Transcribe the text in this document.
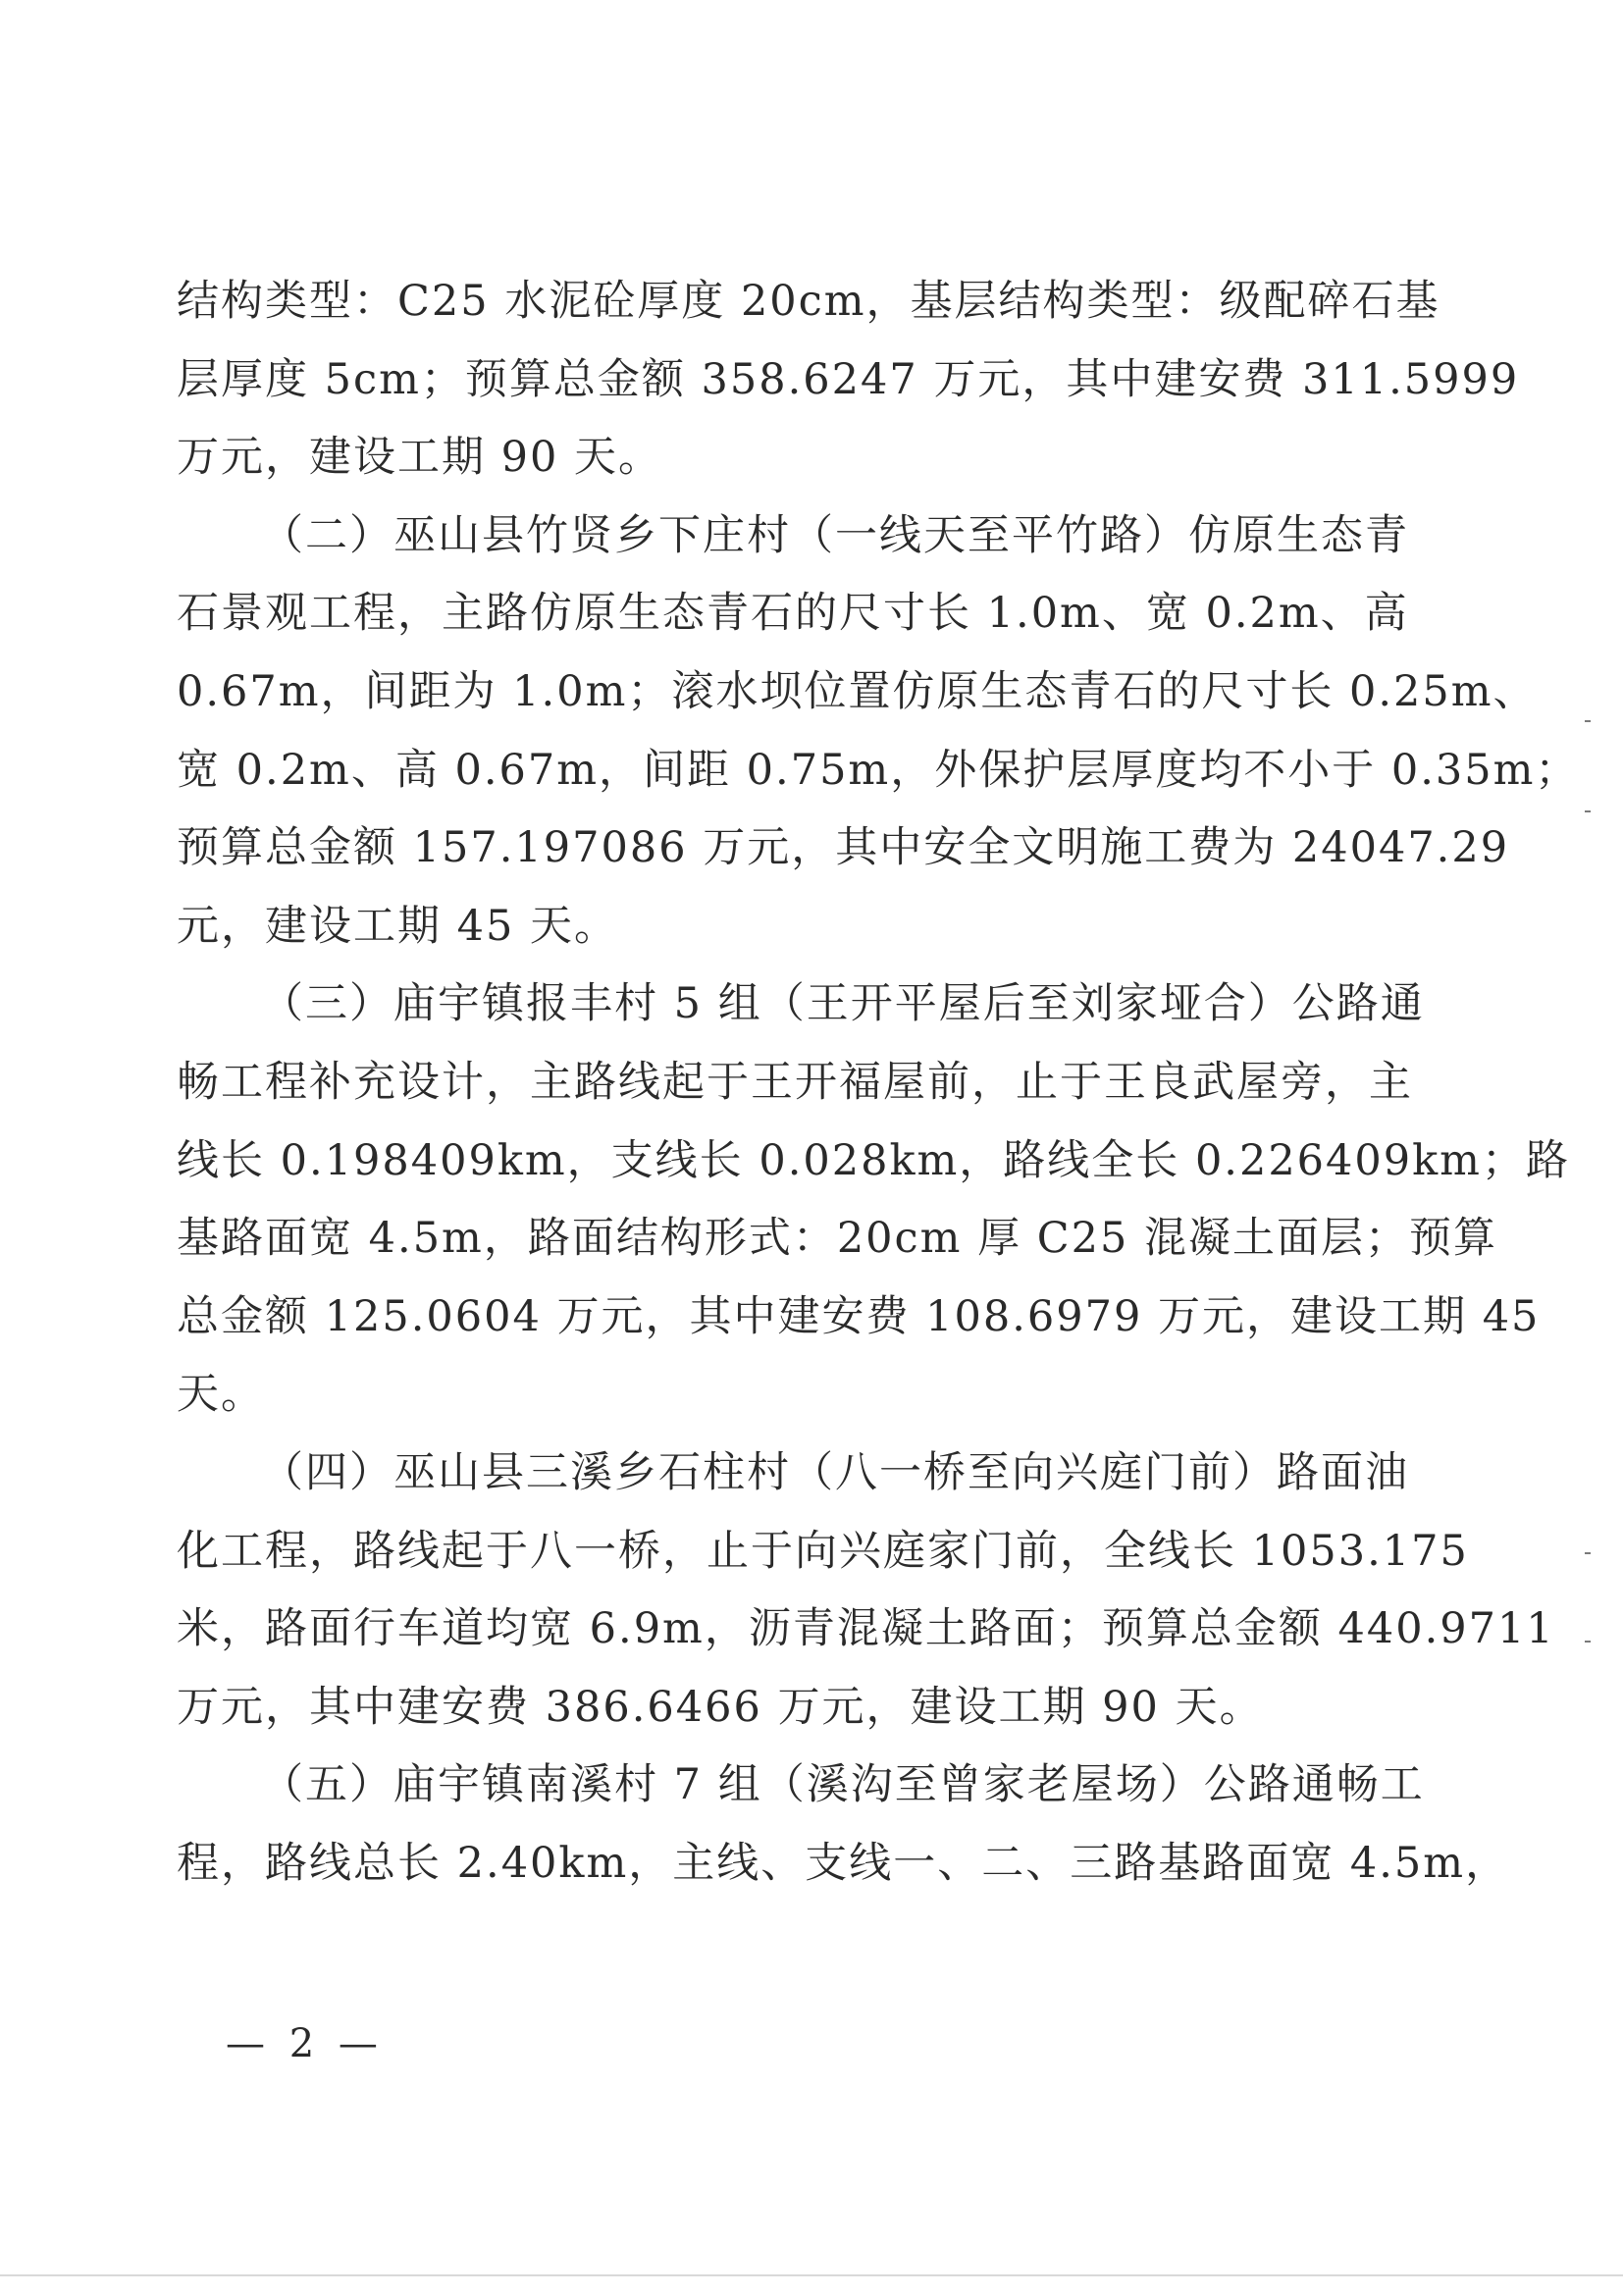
结构类型：C25 水泥砼厚度 20cm，基层结构类型：级配碎石基
层厚度 5cm；预算总金额 358.6247 万元，其中建安费 311.5999
万元，建设工期 90 天。
（二）巫山县竹贤乡下庄村（一线天至平竹路）仿原生态青
石景观工程，主路仿原生态青石的尺寸长 1.0m、宽 0.2m、高
0.67m，间距为 1.0m；滚水坝位置仿原生态青石的尺寸长 0.25m、
宽 0.2m、高 0.67m，间距 0.75m，外保护层厚度均不小于 0.35m；
预算总金额 157.197086 万元，其中安全文明施工费为 24047.29
元，建设工期 45 天。
（三）庙宇镇报丰村 5 组（王开平屋后至刘家垭合）公路通
畅工程补充设计，主路线起于王开福屋前，止于王良武屋旁，主
线长 0.198409km，支线长 0.028km，路线全长 0.226409km；路
基路面宽 4.5m，路面结构形式：20cm 厚 C25 混凝土面层；预算
总金额 125.0604 万元，其中建安费 108.6979 万元，建设工期 45
天。
（四）巫山县三溪乡石柱村（八一桥至向兴庭门前）路面油
化工程，路线起于八一桥，止于向兴庭家门前，全线长 1053.175
米，路面行车道均宽 6.9m，沥青混凝土路面；预算总金额 440.9711
万元，其中建安费 386.6466 万元，建设工期 90 天。
（五）庙宇镇南溪村 7 组（溪沟至曾家老屋场）公路通畅工
程，路线总长 2.40km，主线、支线一、二、三路基路面宽 4.5m，
— 2 —
